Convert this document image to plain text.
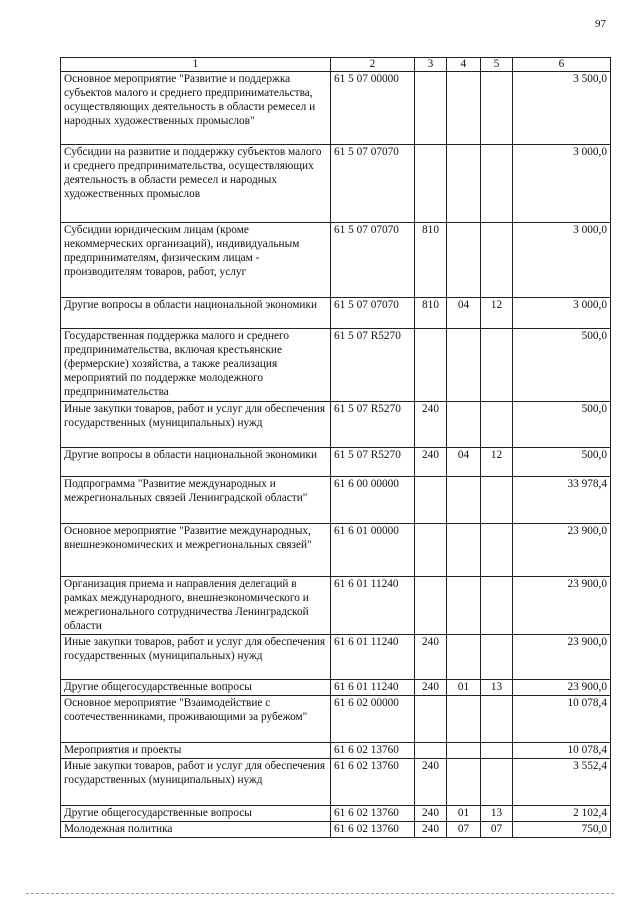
97
1	2	3	4	5	6
Основное мероприятие "Развитие и поддержка субъектов малого и среднего предпринимательства, осуществляющих деятельность в области ремесел и народных художественных промыслов"	61 5 07 00000				3 500,0
Субсидии на развитие и поддержку субъектов малого и среднего предпринимательства, осуществляющих деятельность в области ремесел и народных художественных промыслов	61 5 07 07070				3 000,0
Субсидии юридическим лицам (кроме некоммерческих организаций), индивидуальным предпринимателям, физическим лицам - производителям товаров, работ, услуг	61 5 07 07070	810			3 000,0
Другие вопросы в области национальной экономики	61 5 07 07070	810	04	12	3 000,0
Государственная поддержка малого и среднего предпринимательства, включая крестьянские (фермерские) хозяйства, а также реализация мероприятий по поддержке молодежного предпринимательства	61 5 07 R5270				500,0
Иные закупки товаров, работ и услуг для обеспечения государственных (муниципальных) нужд	61 5 07 R5270	240			500,0
Другие вопросы в области национальной экономики	61 5 07 R5270	240	04	12	500,0
Подпрограмма "Развитие международных и межрегиональных связей Ленинградской области"	61 6 00 00000				33 978,4
Основное мероприятие "Развитие международных, внешнеэкономических и межрегиональных связей"	61 6 01 00000				23 900,0
Организация приема и направления делегаций в рамках международного, внешнеэкономического и межрегионального сотрудничества Ленинградской области	61 6 01 11240				23 900,0
Иные закупки товаров, работ и услуг для обеспечения государственных (муниципальных) нужд	61 6 01 11240	240			23 900,0
Другие общегосударственные вопросы	61 6 01 11240	240	01	13	23 900,0
Основное мероприятие "Взаимодействие с соотечественниками, проживающими за рубежом"	61 6 02 00000				10 078,4
Мероприятия и проекты	61 6 02 13760				10 078,4
Иные закупки товаров, работ и услуг для обеспечения государственных (муниципальных) нужд	61 6 02 13760	240			3 552,4
Другие общегосударственные вопросы	61 6 02 13760	240	01	13	2 102,4
Молодежная политика	61 6 02 13760	240	07	07	750,0
